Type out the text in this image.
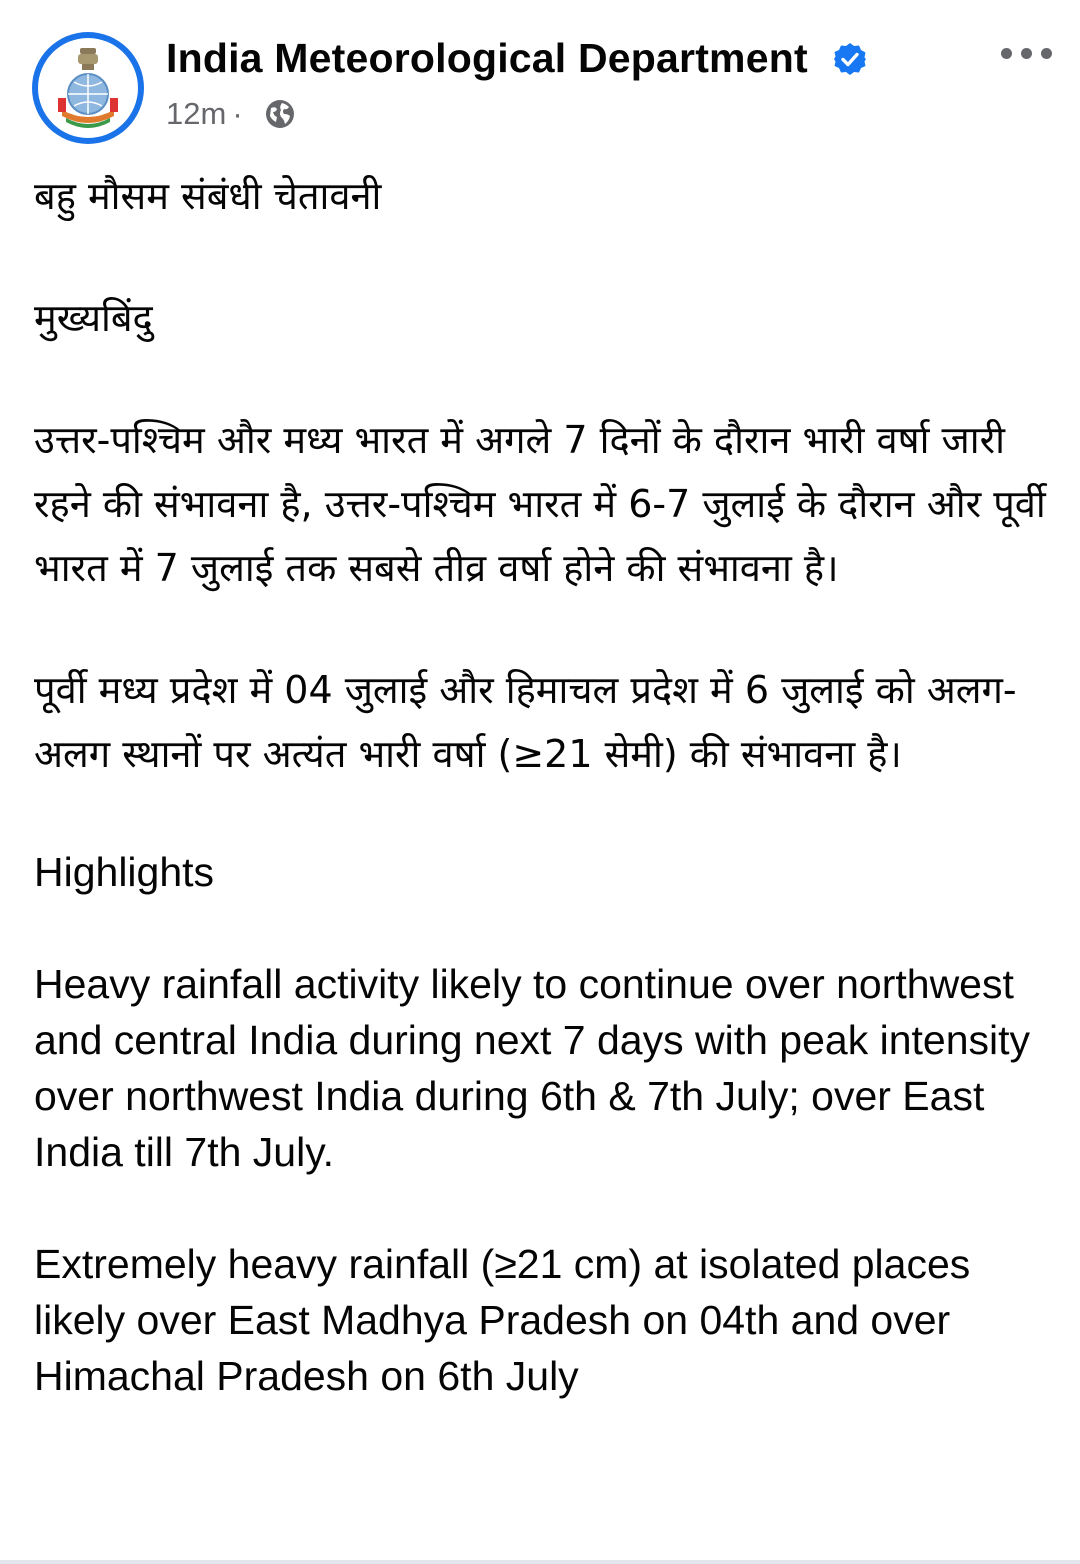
India Meteorological Department
12m ·

बहु मौसम संबंधी चेतावनी

मुख्यबिंदु

उत्तर-पश्चिम और मध्य भारत में अगले 7 दिनों के दौरान भारी वर्षा जारी रहने की संभावना है, उत्तर-पश्चिम भारत में 6-7 जुलाई के दौरान और पूर्वी भारत में 7 जुलाई तक सबसे तीव्र वर्षा होने की संभावना है।

पूर्वी मध्य प्रदेश में 04 जुलाई और हिमाचल प्रदेश में 6 जुलाई को अलग-अलग स्थानों पर अत्यंत भारी वर्षा (≥21 सेमी) की संभावना है।

Highlights

Heavy rainfall activity likely to continue over northwest and central India during next 7 days with peak intensity over northwest India during 6th & 7th July; over East India till 7th July.

Extremely heavy rainfall (≥21 cm) at isolated places likely over East Madhya Pradesh on 04th and over Himachal Pradesh on 6th July
